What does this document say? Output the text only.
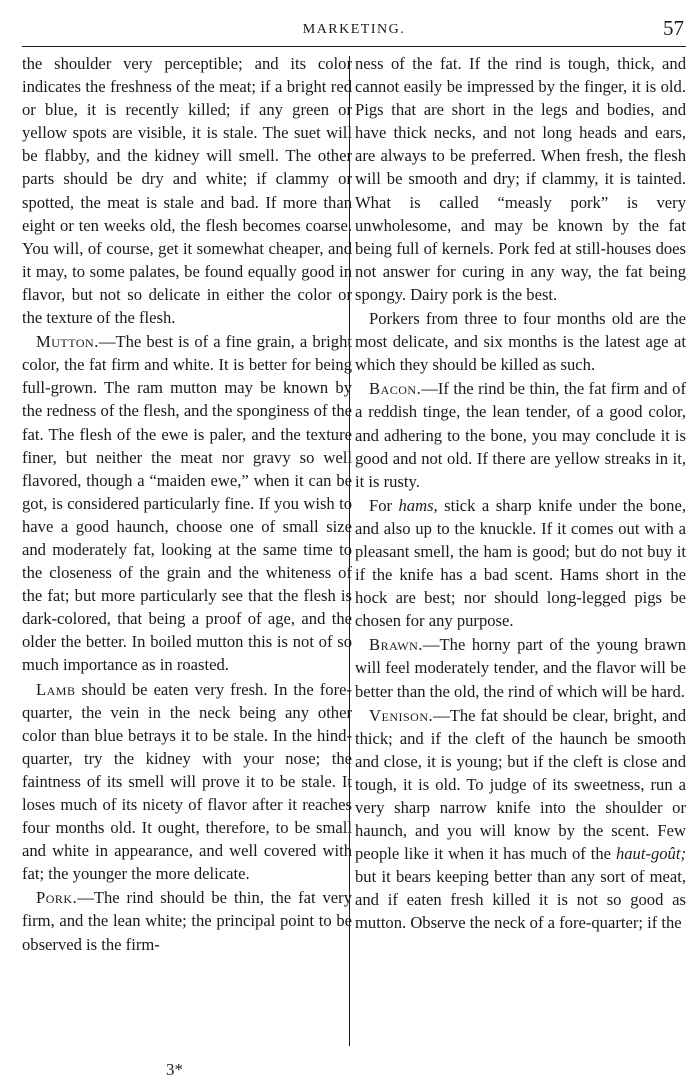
MARKETING.	57

the shoulder very perceptible; and its color indicates the freshness of the meat; if a bright red or blue, it is recently killed; if any green or yellow spots are visible, it is stale. The suet will be flabby, and the kidney will smell. The other parts should be dry and white; if clammy or spotted, the meat is stale and bad. If more than eight or ten weeks old, the flesh becomes coarse. You will, of course, get it somewhat cheaper, and it may, to some palates, be found equally good in flavor, but not so delicate in either the color or the texture of the flesh.

Mutton.—The best is of a fine grain, a bright color, the fat firm and white. It is better for being full-grown. The ram mutton may be known by the redness of the flesh, and the sponginess of the fat. The flesh of the ewe is paler, and the texture finer, but neither the meat nor gravy so well flavored, though a “maiden ewe,” when it can be got, is considered particularly fine. If you wish to have a good haunch, choose one of small size and moderately fat, looking at the same time to the closeness of the grain and the whiteness of the fat; but more particularly see that the flesh is dark-colored, that being a proof of age, and the older the better. In boiled mutton this is not of so much importance as in roasted.

Lamb should be eaten very fresh. In the fore-quarter, the vein in the neck being any other color than blue betrays it to be stale. In the hind-quarter, try the kidney with your nose; the faintness of its smell will prove it to be stale. It loses much of its nicety of flavor after it reaches four months old. It ought, therefore, to be small and white in appearance, and well covered with fat; the younger the more delicate.

Pork.—The rind should be thin, the fat very firm, and the lean white; the principal point to be observed is the firm-

ness of the fat. If the rind is tough, thick, and cannot easily be impressed by the finger, it is old. Pigs that are short in the legs and bodies, and have thick necks, and not long heads and ears, are always to be preferred. When fresh, the flesh will be smooth and dry; if clammy, it is tainted. What is called “measly pork” is very unwholesome, and may be known by the fat being full of kernels. Pork fed at still-houses does not answer for curing in any way, the fat being spongy. Dairy pork is the best.

Porkers from three to four months old are the most delicate, and six months is the latest age at which they should be killed as such.

Bacon.—If the rind be thin, the fat firm and of a reddish tinge, the lean tender, of a good color, and adhering to the bone, you may conclude it is good and not old. If there are yellow streaks in it, it is rusty.

For hams, stick a sharp knife under the bone, and also up to the knuckle. If it comes out with a pleasant smell, the ham is good; but do not buy it if the knife has a bad scent. Hams short in the hock are best; nor should long-legged pigs be chosen for any purpose.

Brawn.—The horny part of the young brawn will feel moderately tender, and the flavor will be better than the old, the rind of which will be hard.

Venison.—The fat should be clear, bright, and thick; and if the cleft of the haunch be smooth and close, it is young; but if the cleft is close and tough, it is old. To judge of its sweetness, run a very sharp narrow knife into the shoulder or haunch, and you will know by the scent. Few people like it when it has much of the haut-goût; but it bears keeping better than any sort of meat, and if eaten fresh killed it is not so good as mutton. Observe the neck of a fore-quarter; if the

3*
